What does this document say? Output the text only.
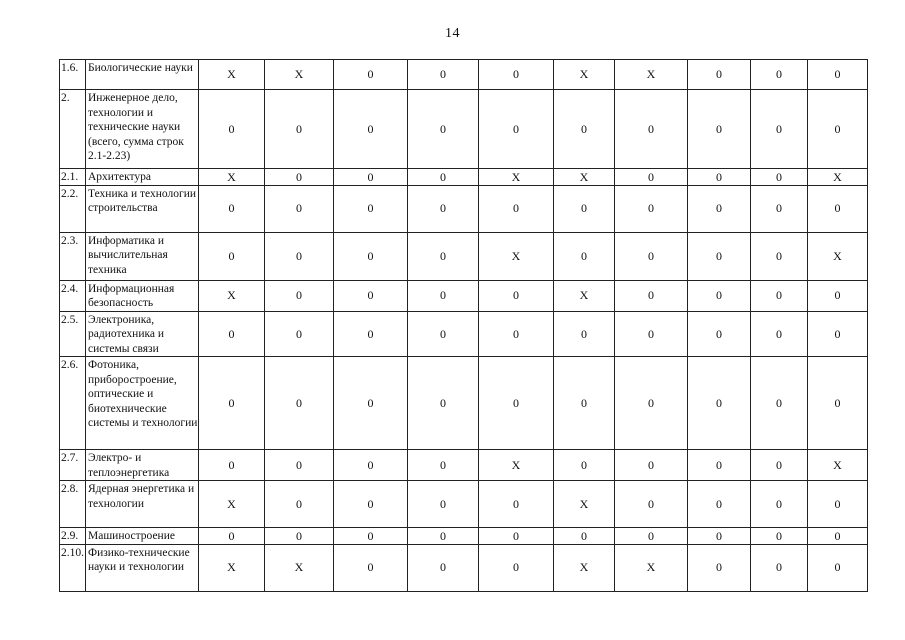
14
1.6.	Биологические науки	X	X	0	0	0	X	X	0	0	0
2.	Инженерное дело, технологии и технические науки (всего, сумма строк 2.1-2.23)	0	0	0	0	0	0	0	0	0	0
2.1.	Архитектура	X	0	0	0	X	X	0	0	0	X
2.2.	Техника и технологии строительства	0	0	0	0	0	0	0	0	0	0
2.3.	Информатика и вычислительная техника	0	0	0	0	X	0	0	0	0	X
2.4.	Информационная безопасность	X	0	0	0	0	X	0	0	0	0
2.5.	Электроника, радиотехника и системы связи	0	0	0	0	0	0	0	0	0	0
2.6.	Фотоника, приборостроение, оптические и биотехнические системы и технологии	0	0	0	0	0	0	0	0	0	0
2.7.	Электро- и теплоэнергетика	0	0	0	0	X	0	0	0	0	X
2.8.	Ядерная энергетика и технологии	X	0	0	0	0	X	0	0	0	0
2.9.	Машиностроение	0	0	0	0	0	0	0	0	0	0
2.10.	Физико-технические науки и технологии	X	X	0	0	0	X	X	0	0	0
